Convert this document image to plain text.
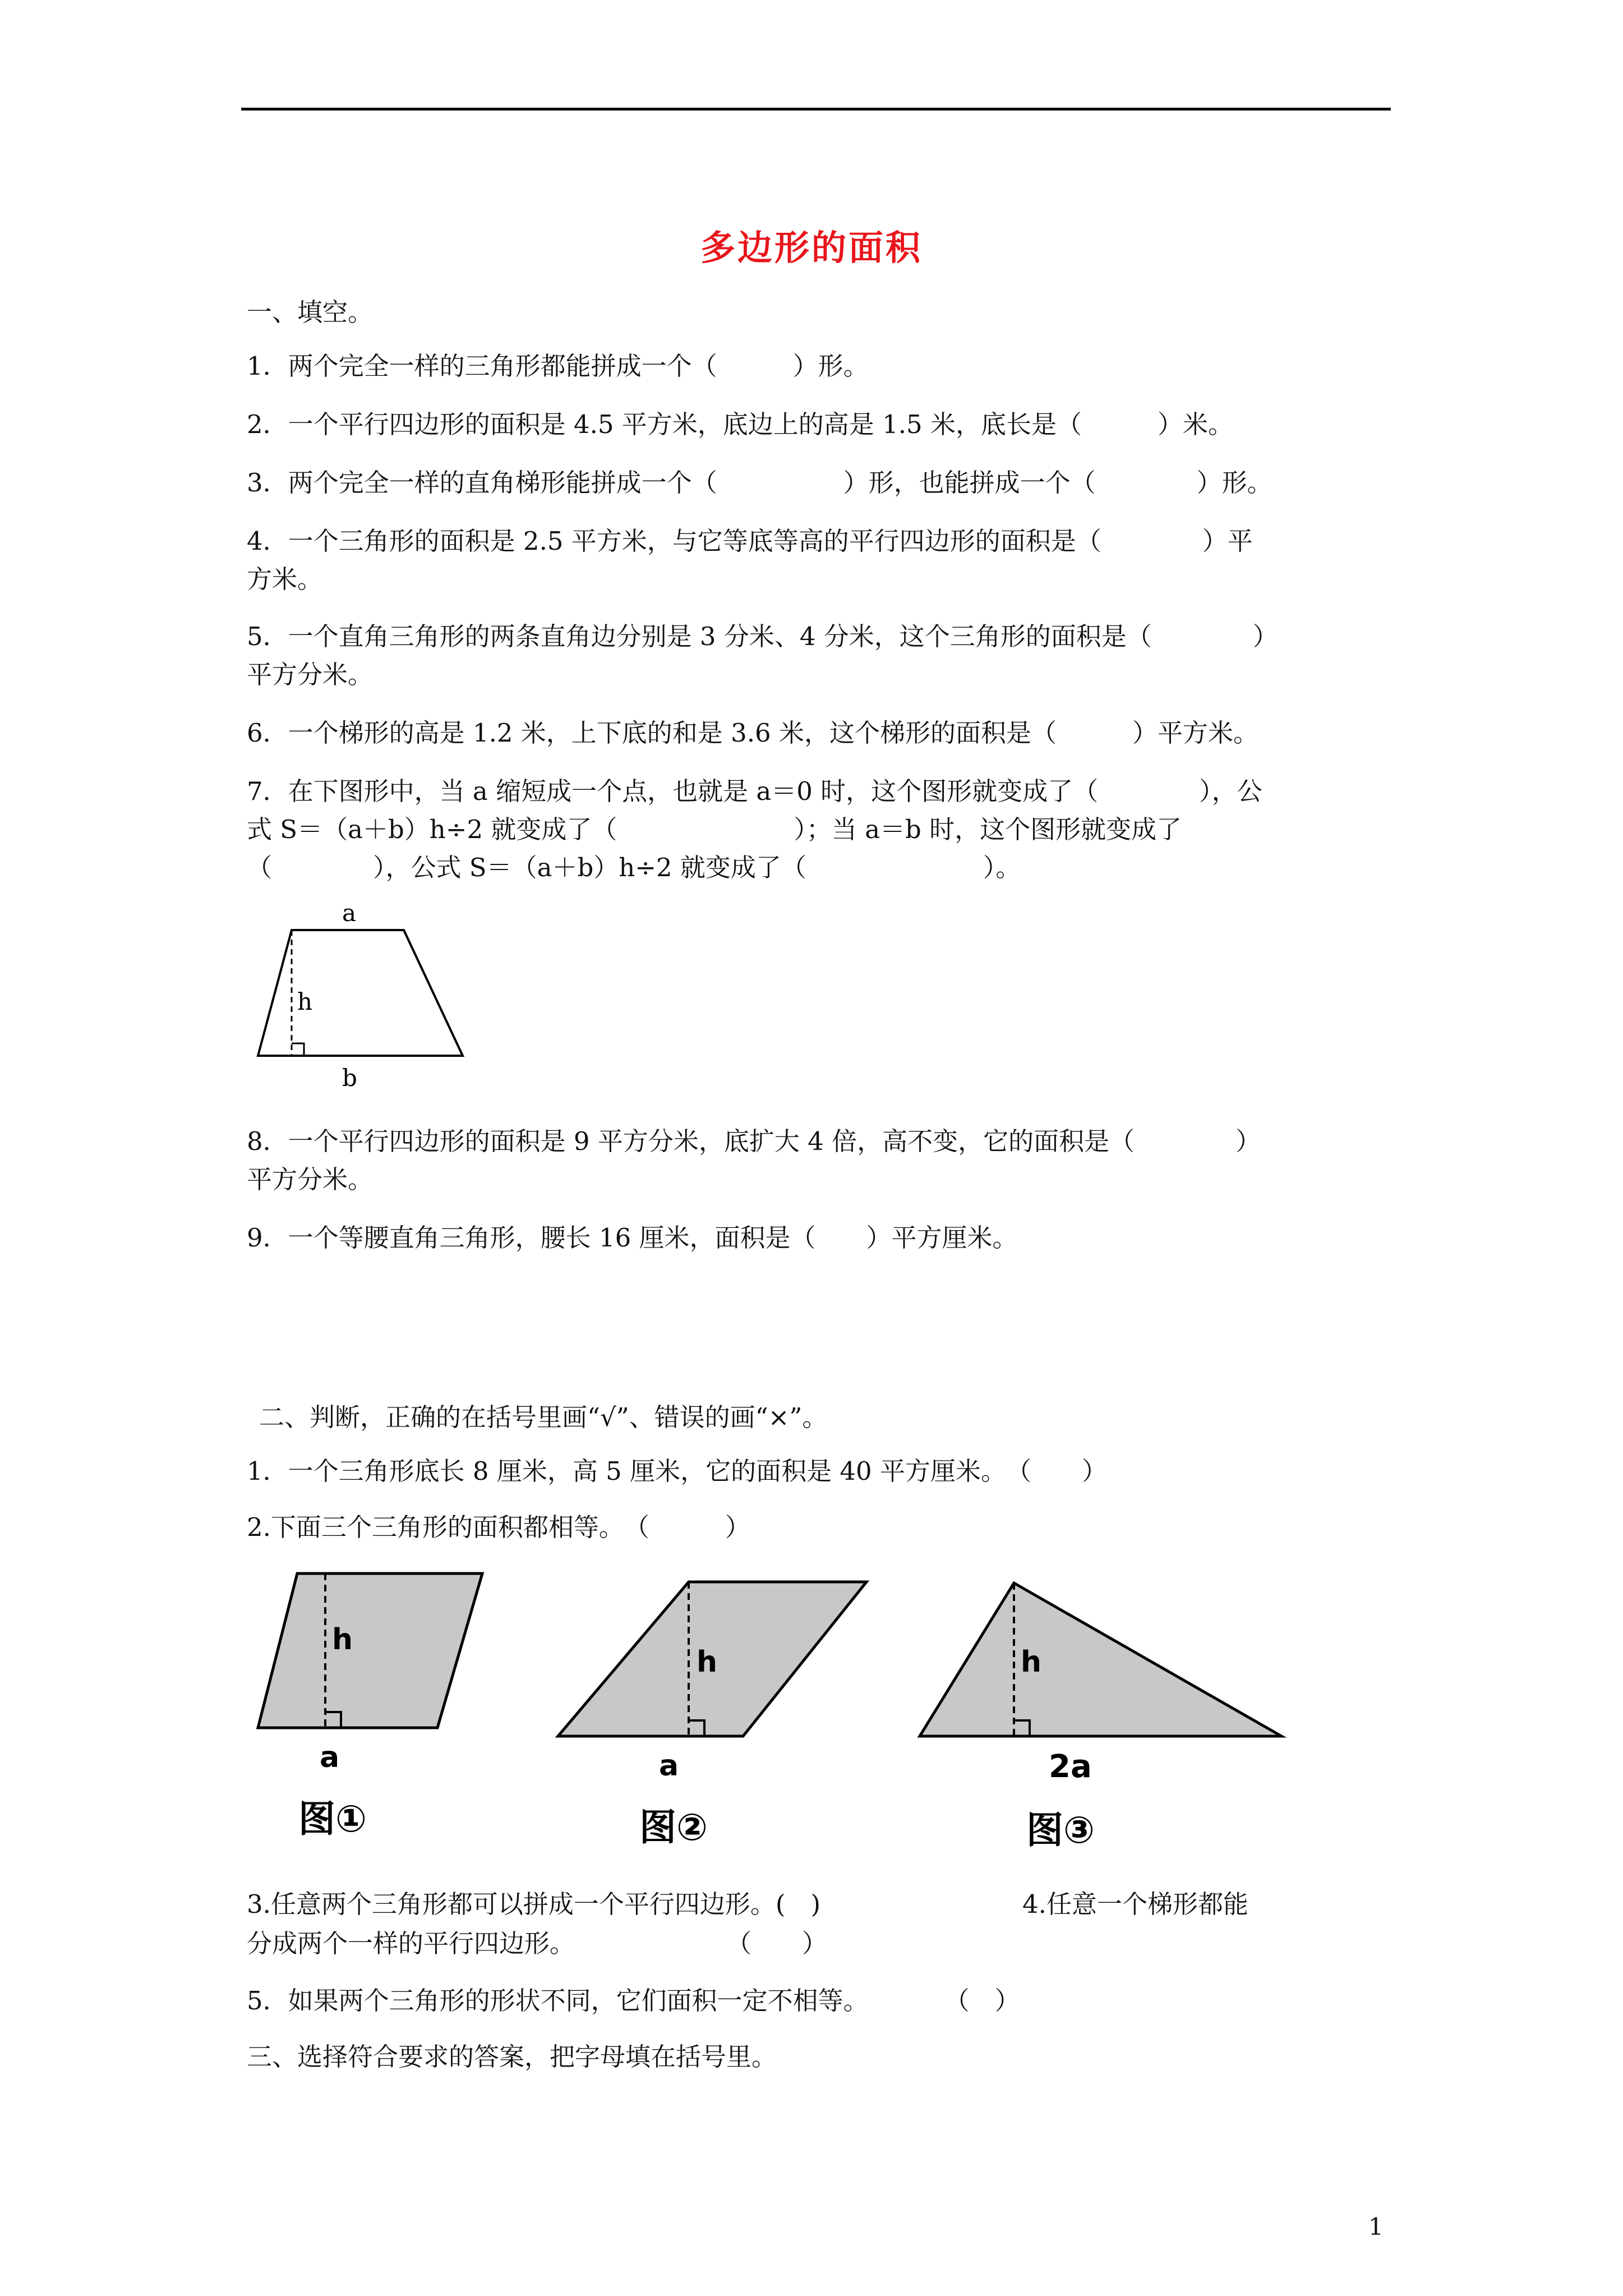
多边形的面积
一、填空。
1．两个完全一样的三角形都能拼成一个（　　　）形。
2．一个平行四边形的面积是 4.5 平方米，底边上的高是 1.5 米，底长是（　　　）米。
3．两个完全一样的直角梯形能拼成一个（　　　　　）形，也能拼成一个（　　　　）形。
4．一个三角形的面积是 2.5 平方米，与它等底等高的平行四边形的面积是（　　　　）平
方米。
5．一个直角三角形的两条直角边分别是 3 分米、4 分米，这个三角形的面积是（　　　　）
平方分米。
6．一个梯形的高是 1.2 米，上下底的和是 3.6 米，这个梯形的面积是（　　　）平方米。
7．在下图形中，当 a 缩短成一个点，也就是 a＝0 时，这个图形就变成了（　　　　），公
式 S＝（a＋b）h÷2 就变成了（　　　　　　　）；当 a＝b 时，这个图形就变成了
（　　　　），公式 S＝（a＋b）h÷2 就变成了（　　　　　　　）。
a
h
b
8．一个平行四边形的面积是 9 平方分米，底扩大 4 倍，高不变，它的面积是（　　　　）
平方分米。
9．一个等腰直角三角形，腰长 16 厘米，面积是（　　）平方厘米。
二、判断，正确的在括号里画“√”、错误的画“×”。
1．一个三角形底长 8 厘米，高 5 厘米，它的面积是 40 平方厘米。　（　　）
2.下面三个三角形的面积都相等。　（　　　）
h
a
图①
h
a
图②
h
2a
图③
3.任意两个三角形都可以拼成一个平行四边形。(　)　　　　　　　　4.任意一个梯形都能
分成两个一样的平行四边形。　　　　　　　（　　）
5．如果两个三角形的形状不同，它们面积一定不相等。　　　　（　）
三、选择符合要求的答案，把字母填在括号里。
1
